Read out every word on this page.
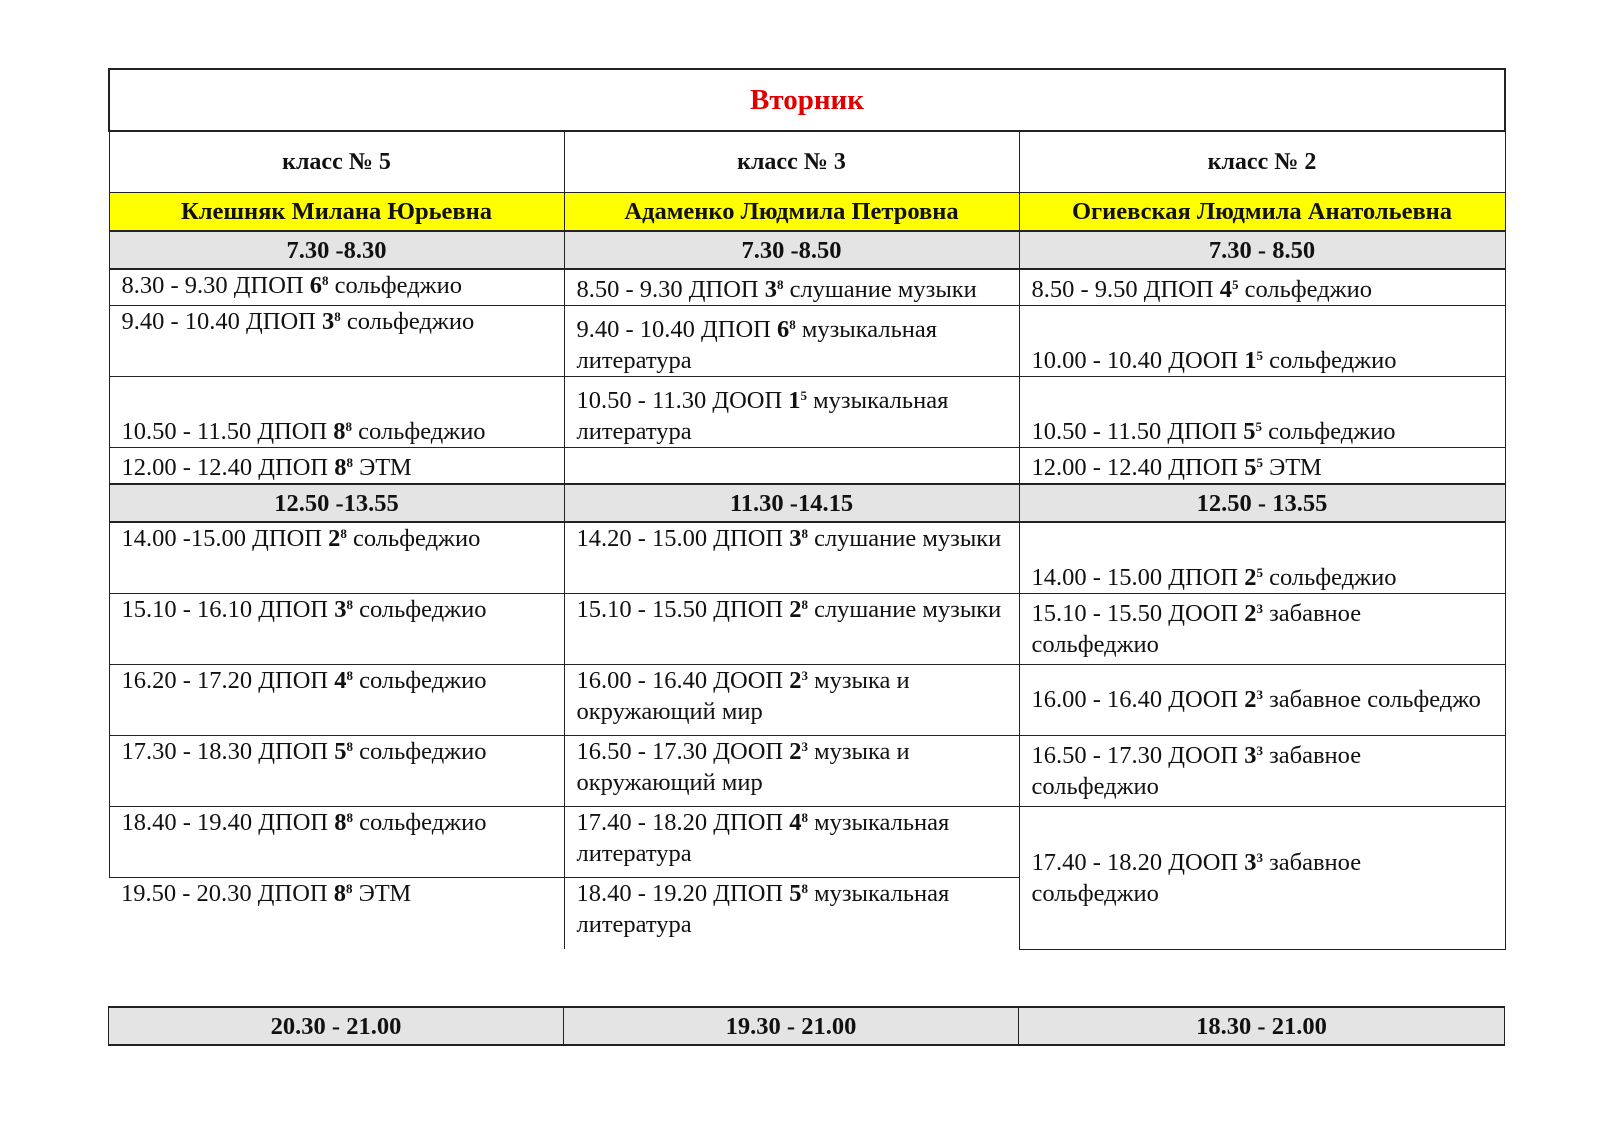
Вторник		
класс № 5	класс № 3	класс № 2
Клешняк Милана Юрьевна	Адаменко Людмила Петровна	Огиевская Людмила Анатольевна
7.30 -8.30	7.30 -8.50	7.30 - 8.50
8.30 - 9.30 ДПОП $6^8$ сольфеджио	8.50 - 9.30 ДПОП $3^8$ слушание музыки	8.50 - 9.50 ДПОП $4^5$ сольфеджио
9.40 - 10.40 ДПОП $3^8$ сольфеджио	9.40 - 10.40 ДПОП $6^8$ музыкальная литература	10.00 - 10.40 ДООП $1^5$ сольфеджио
10.50 - 11.50 ДПОП $8^8$ сольфеджио	10.50 - 11.30 ДООП $1^5$ музыкальная литература	10.50 - 11.50 ДПОП $5^5$ сольфеджио
12.00 - 12.40 ДПОП $8^8$ ЭТМ		12.00 - 12.40 ДПОП $5^5$ ЭТМ
12.50 -13.55	11.30 -14.15	12.50 - 13.55
14.00 -15.00 ДПОП $2^8$ сольфеджио	14.20 - 15.00 ДПОП $3^8$ слушание музыки	14.00 - 15.00 ДПОП $2^5$ сольфеджио
15.10 - 16.10 ДПОП $3^8$ сольфеджио	15.10 - 15.50 ДПОП $2^8$ слушание музыки	15.10 - 15.50 ДООП $2^3$ забавное сольфеджио
16.20 - 17.20 ДПОП $4^8$ сольфеджио	16.00 - 16.40 ДООП $2^3$ музыка и окружающий мир	16.00 - 16.40 ДООП $2^3$ забавное сольфеджо
17.30 - 18.30 ДПОП $5^8$ сольфеджио	16.50 - 17.30 ДООП $2^3$ музыка и окружающий мир	16.50 - 17.30 ДООП $3^3$ забавное сольфеджио
18.40 - 19.40 ДПОП $8^8$ сольфеджио	17.40 - 18.20 ДПОП $4^8$ музыкальная литература	17.40 - 18.20 ДООП $3^3$ забавное сольфеджио
19.50 - 20.30 ДПОП $8^8$ ЭТМ	18.40 - 19.20 ДПОП $5^8$ музыкальная литература	
20.30 - 21.00	19.30 - 21.00	18.30 - 21.00
